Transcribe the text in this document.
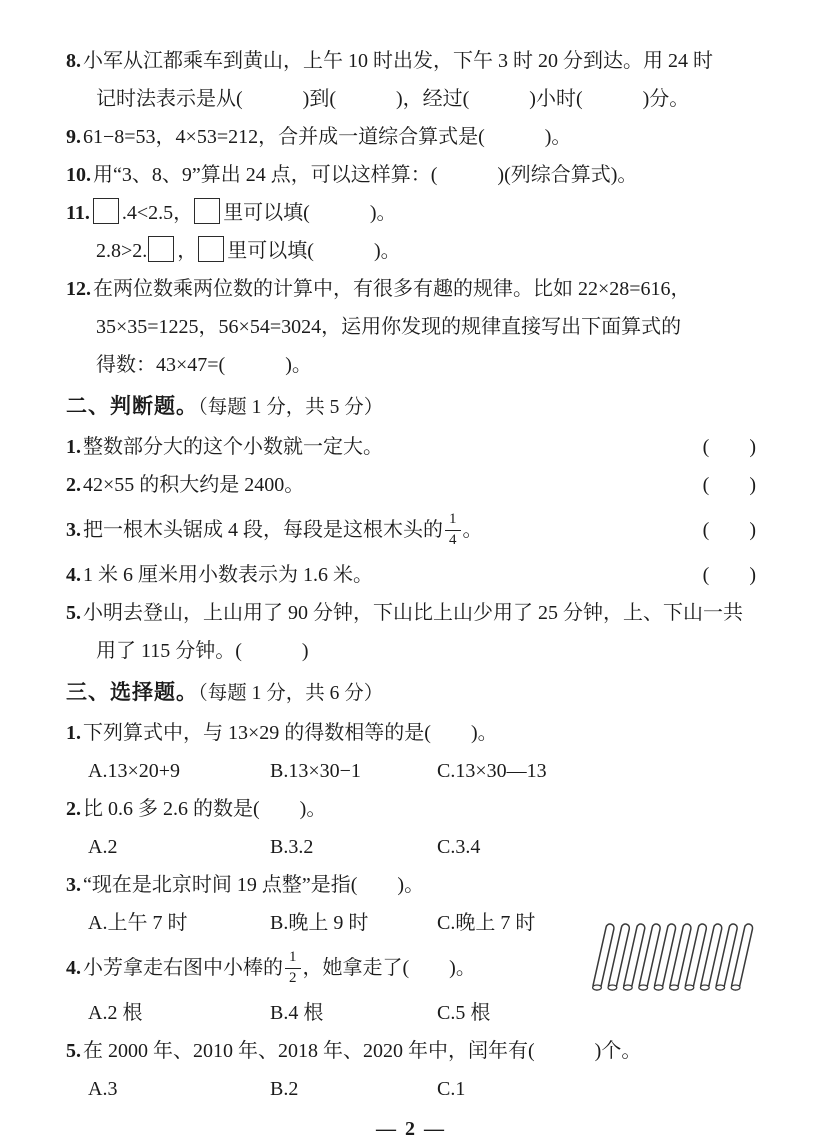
8. 小军从江都乘车到黄山，上午 10 时出发，下午 3 时 20 分到达。用 24 时
记时法表示是从(　　　)到(　　　)，经过(　　　)小时(　　　)分。
9. 61−8=53，4×53=212，合并成一道综合算式是(　　　)。
10. 用“3、8、9”算出 24 点，可以这样算：(　　　)(列综合算式)。
11. .4<2.5， 里可以填(　　　)。
2.8>2. ， 里可以填(　　　)。
12. 在两位数乘两位数的计算中，有很多有趣的规律。比如 22×28=616，
35×35=1225，56×54=3024，运用你发现的规律直接写出下面算式的
得数：43×47=(　　　)。
二、判断题。（每题 1 分，共 5 分）
1. 整数部分大的这个小数就一定大。	(　　)
2. 42×55 的积大约是 2400。	(　　)
3. 把一根木头锯成 4 段，每段是这根木头的 $\frac{1}{4}$ 。	(　　)
4. 1 米 6 厘米用小数表示为 1.6 米。	(　　)
5. 小明去登山，上山用了 90 分钟，下山比上山少用了 25 分钟，上、下山一共
用了 115 分钟。(　　　)
三、选择题。（每题 1 分，共 6 分）
1. 下列算式中，与 13×29 的得数相等的是(　　)。
A.13×20+9	B.13×30−1	C.13×30—13
2. 比 0.6 多 2.6 的数是(　　)。
A.2	B.3.2	C.3.4
3. “现在是北京时间 19 点整”是指(　　)。
A.上午 7 时	B.晚上 9 时	C.晚上 7 时
4. 小芳拿走右图中小棒的 $\frac{1}{2}$ ，她拿走了(　　)。
A.2 根	B.4 根	C.5 根
5. 在 2000 年、2010 年、2018 年、2020 年中，闰年有(　　　)个。
A.3	B.2	C.1
— 2 —
